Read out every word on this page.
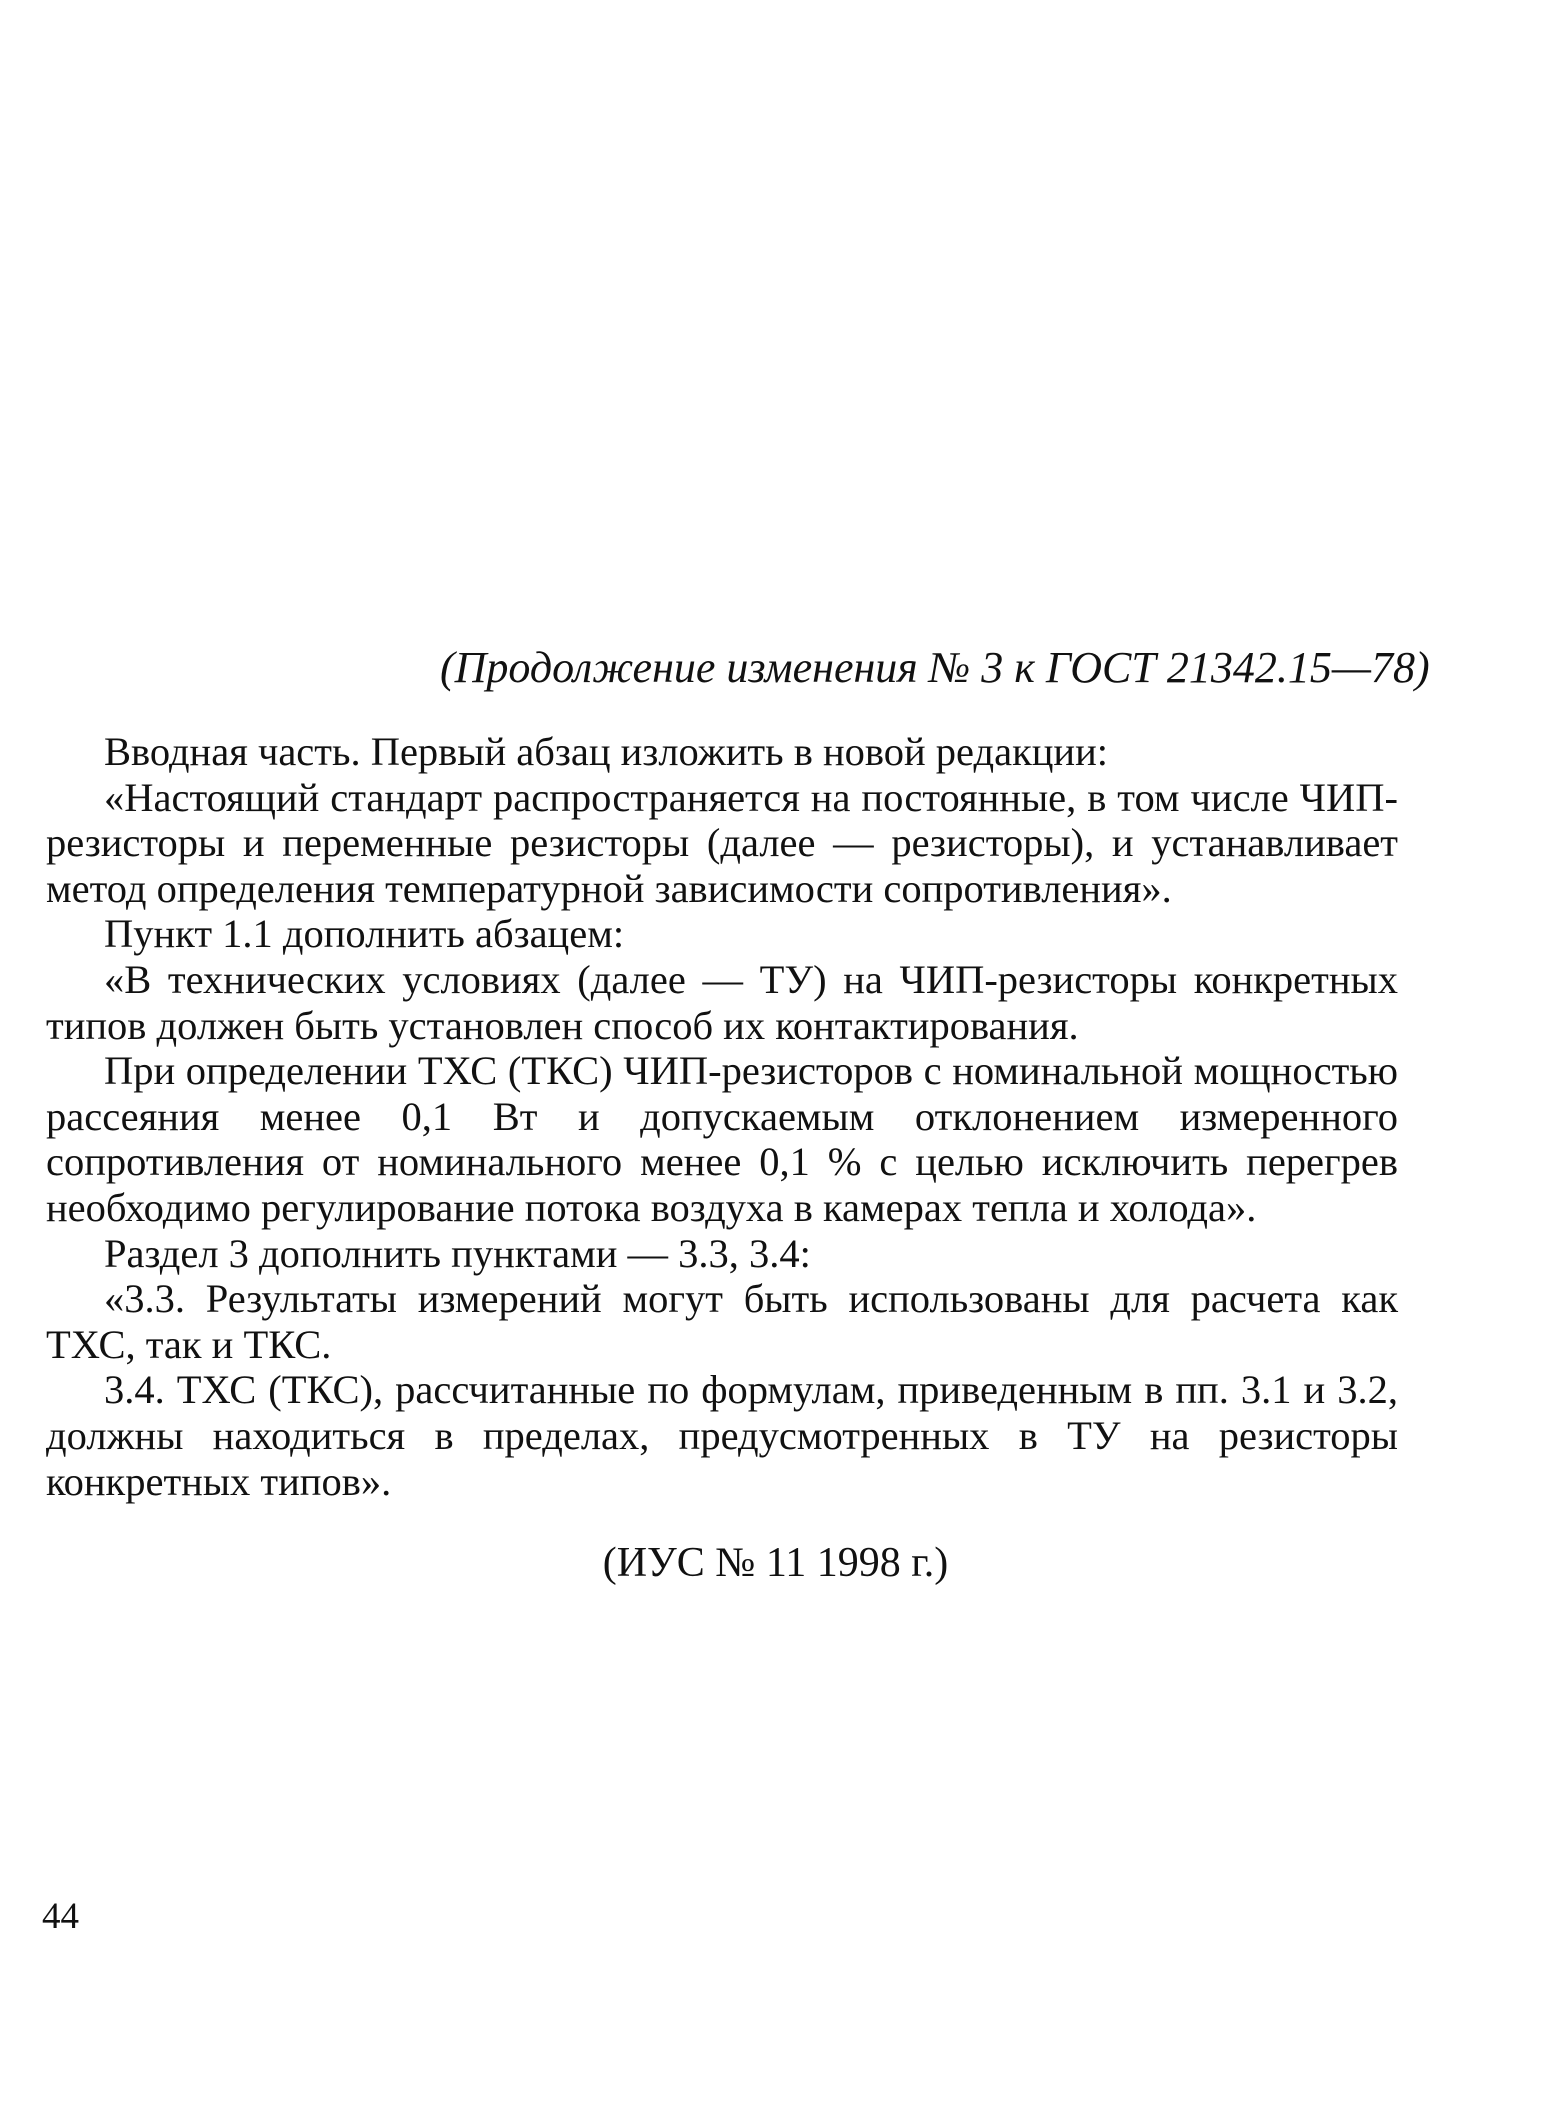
(Продолжение изменения № 3 к ГОСТ 21342.15—78)

Вводная часть. Первый абзац изложить в новой редакции:

«Настоящий стандарт распространяется на постоянные, в том числе ЧИП-резисторы и переменные резисторы (далее — резисторы), и устанавливает метод определения температурной зависимости сопротивления».

Пункт 1.1 дополнить абзацем:

«В технических условиях (далее — ТУ) на ЧИП-резисторы конкретных типов должен быть установлен способ их контактирования.

При определении ТХС (ТКС) ЧИП-резисторов с номинальной мощностью рассеяния менее 0,1 Вт и допускаемым отклонением измеренного сопротивления от номинального менее 0,1 % с целью исключить перегрев необходимо регулирование потока воздуха в камерах тепла и холода».

Раздел 3 дополнить пунктами — 3.3, 3.4:

«3.3. Результаты измерений могут быть использованы для расчета как ТХС, так и ТКС.

3.4. ТХС (ТКС), рассчитанные по формулам, приведенным в пп. 3.1 и 3.2, должны находиться в пределах, предусмотренных в ТУ на резисторы конкретных типов».

(ИУС № 11 1998 г.)
44
